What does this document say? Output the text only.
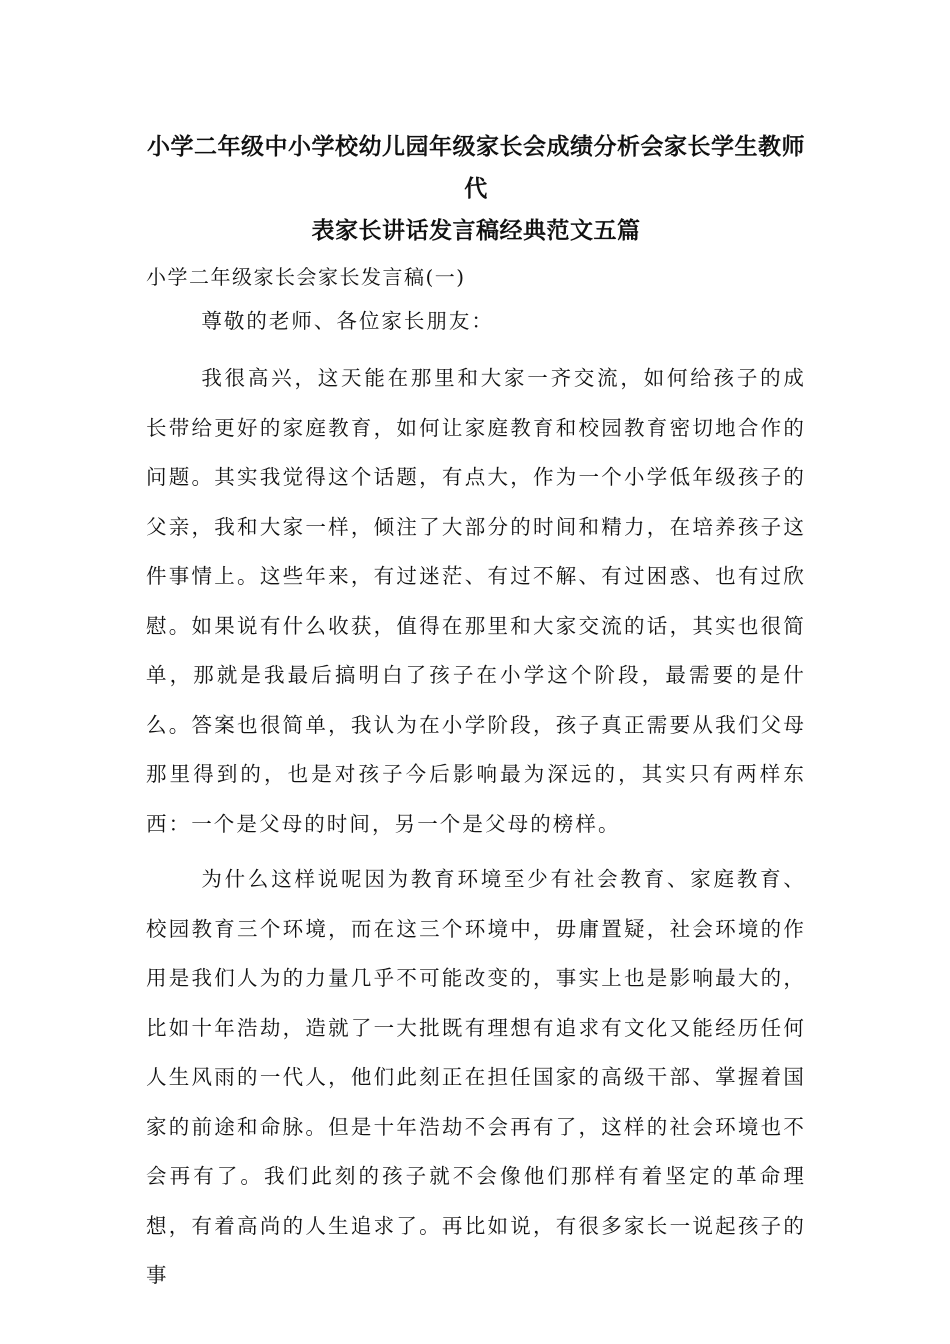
小学二年级中小学校幼儿园年级家长会成绩分析会家长学生教师代
表家长讲话发言稿经典范文五篇

小学二年级家长会家长发言稿(一)

尊敬的老师、各位家长朋友：

我很高兴，这天能在那里和大家一齐交流，如何给孩子的成长带给更好的家庭教育，如何让家庭教育和校园教育密切地合作的问题。其实我觉得这个话题，有点大，作为一个小学低年级孩子的父亲，我和大家一样，倾注了大部分的时间和精力，在培养孩子这件事情上。这些年来，有过迷茫、有过不解、有过困惑、也有过欣慰。如果说有什么收获，值得在那里和大家交流的话，其实也很简单，那就是我最后搞明白了孩子在小学这个阶段，最需要的是什么。答案也很简单，我认为在小学阶段，孩子真正需要从我们父母那里得到的，也是对孩子今后影响最为深远的，其实只有两样东西：一个是父母的时间，另一个是父母的榜样。

为什么这样说呢因为教育环境至少有社会教育、家庭教育、校园教育三个环境，而在这三个环境中，毋庸置疑，社会环境的作用是我们人为的力量几乎不可能改变的，事实上也是影响最大的，比如十年浩劫，造就了一大批既有理想有追求有文化又能经历任何人生风雨的一代人，他们此刻正在担任国家的高级干部、掌握着国家的前途和命脉。但是十年浩劫不会再有了，这样的社会环境也不会再有了。我们此刻的孩子就不会像他们那样有着坚定的革命理想，有着高尚的人生追求了。再比如说，有很多家长一说起孩子的事
